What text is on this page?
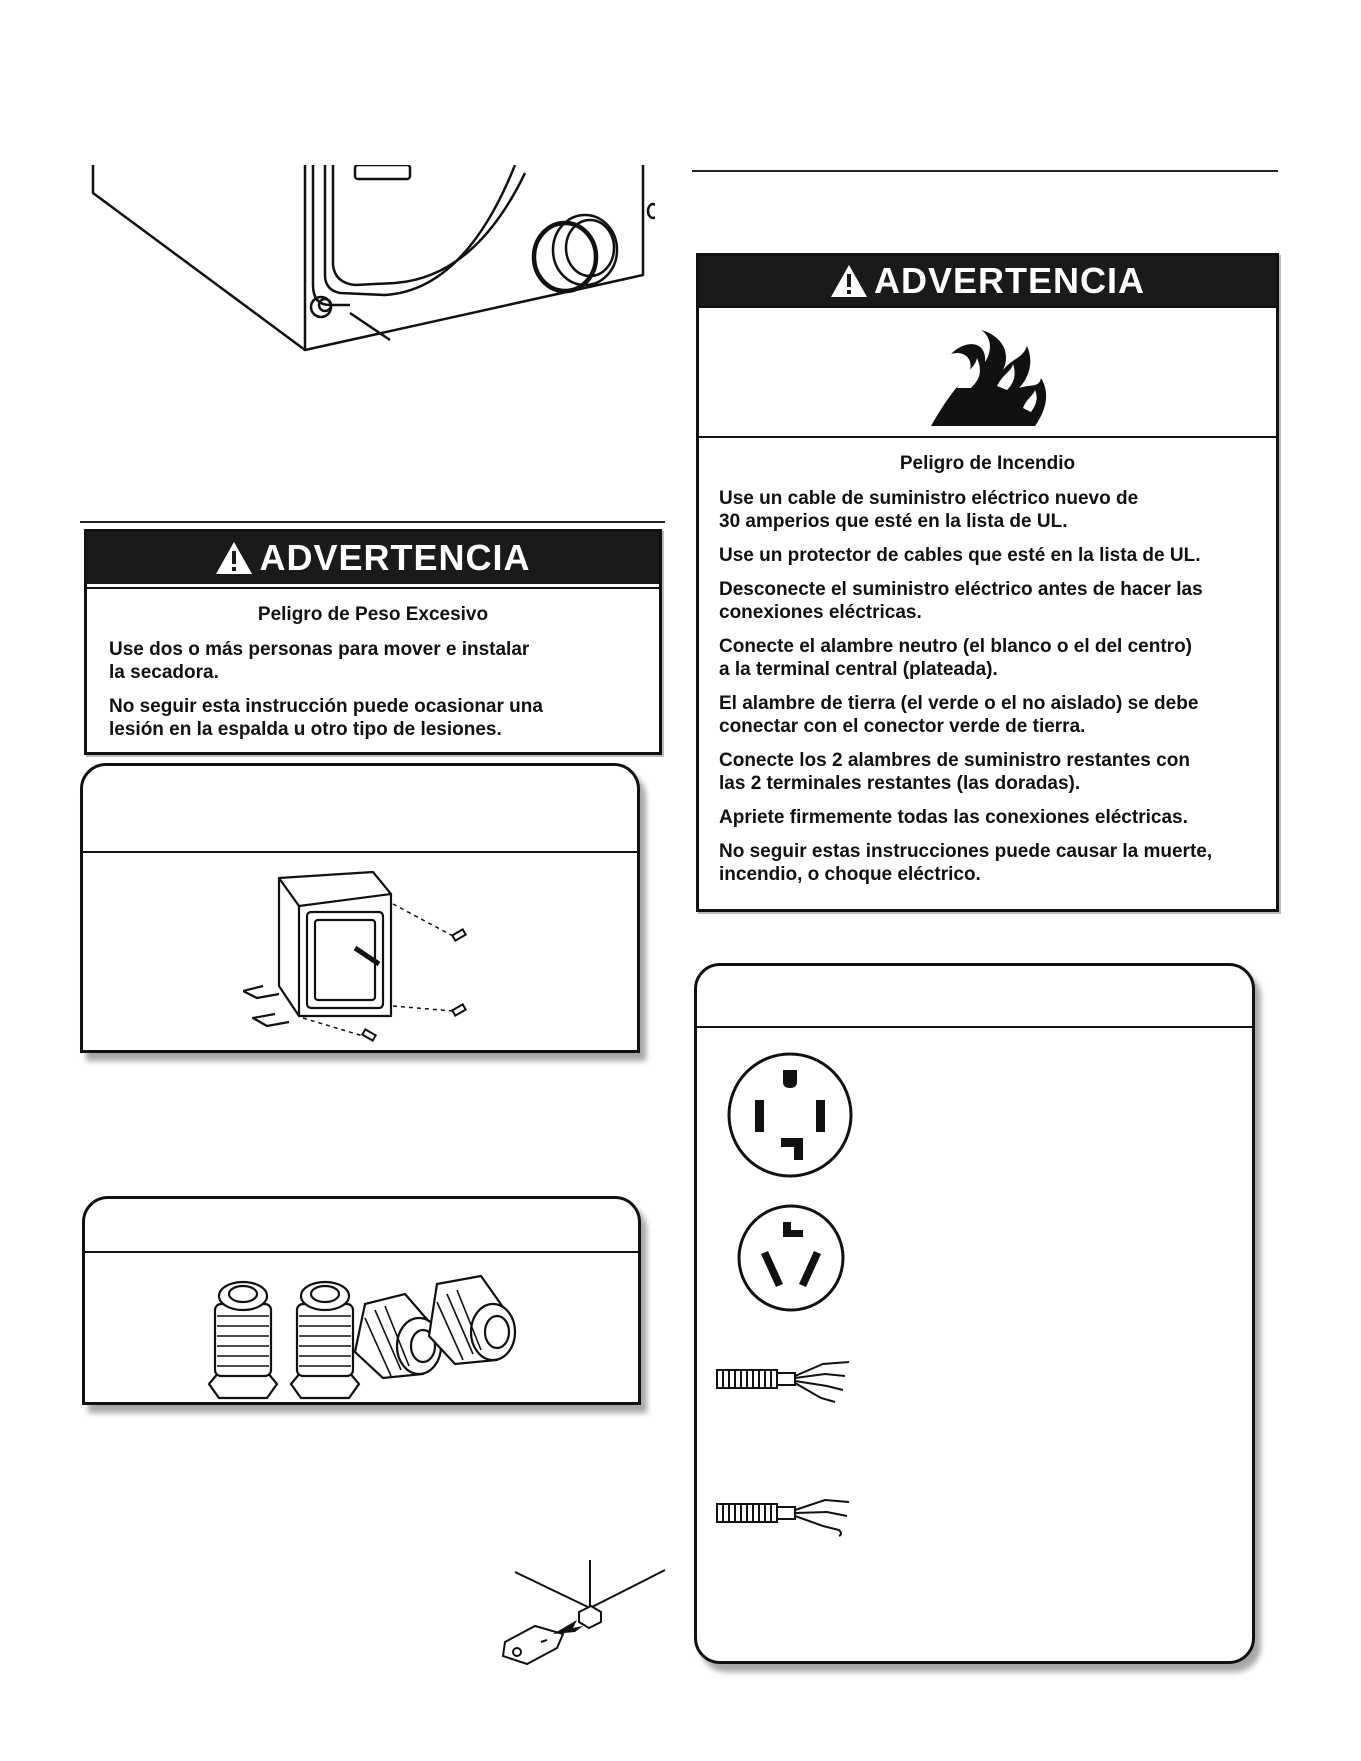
ADVERTENCIA
Peligro de Peso Excesivo

Use dos o más personas para mover e instalar
la secadora.

No seguir esta instrucción puede ocasionar una
lesión en la espalda u otro tipo de lesiones.

ADVERTENCIA
Peligro de Incendio

Use un cable de suministro eléctrico nuevo de
30 amperios que esté en la lista de UL.

Use un protector de cables que esté en la lista de UL.

Desconecte el suministro eléctrico antes de hacer las
conexiones eléctricas.

Conecte el alambre neutro (el blanco o el del centro)
a la terminal central (plateada).

El alambre de tierra (el verde o el no aislado) se debe
conectar con el conector verde de tierra.

Conecte los 2 alambres de suministro restantes con
las 2 terminales restantes (las doradas).

Apriete firmemente todas las conexiones eléctricas.

No seguir estas instrucciones puede causar la muerte,
incendio, o choque eléctrico.
